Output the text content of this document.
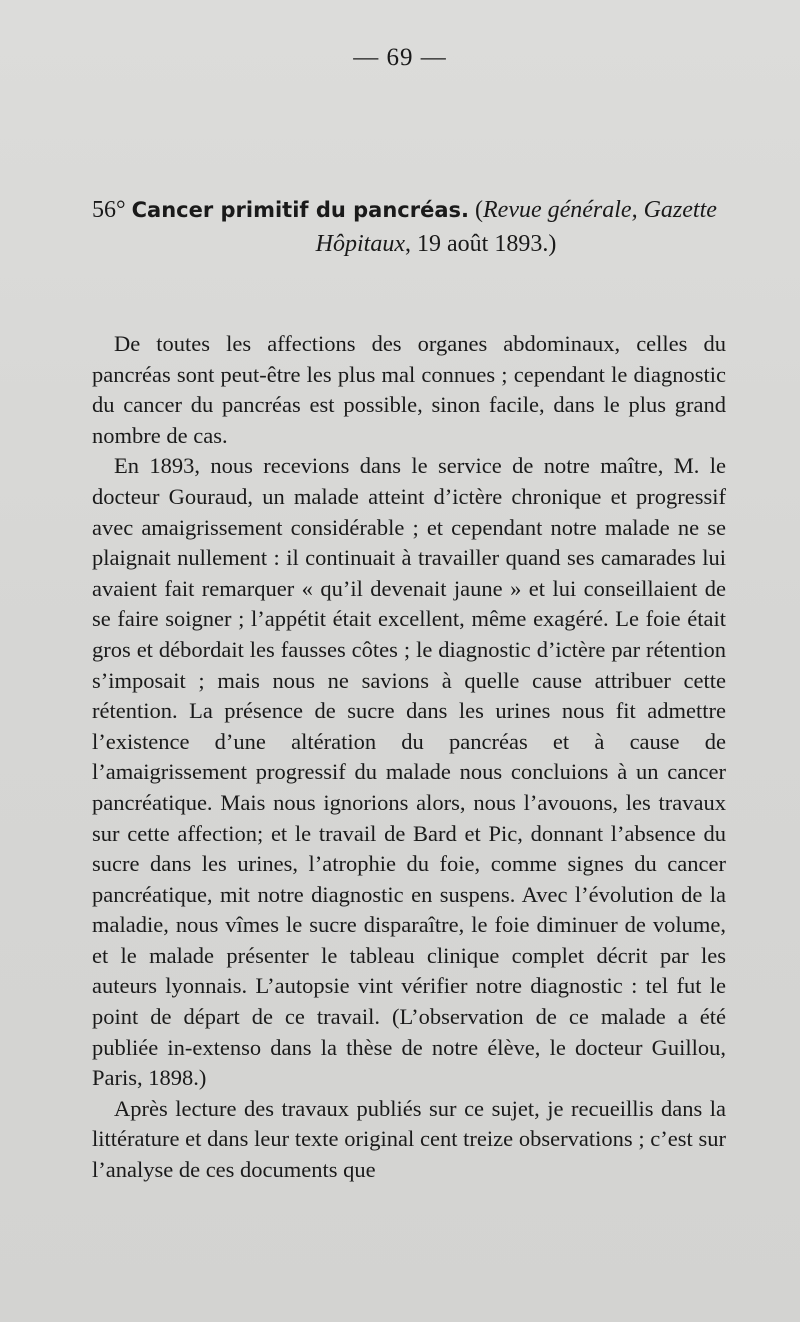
— 69 —
56° Cancer primitif du pancréas. (Revue générale, Gazette
Hôpitaux, 19 août 1893.)

De toutes les affections des organes abdominaux, celles du pancréas sont peut-être les plus mal connues ; cependant le diagnostic du cancer du pancréas est possible, sinon facile, dans le plus grand nombre de cas.

En 1893, nous recevions dans le service de notre maître, M. le docteur Gouraud, un malade atteint d’ictère chronique et progressif avec amaigrissement considérable ; et cependant notre malade ne se plaignait nullement : il continuait à travailler quand ses camarades lui avaient fait remarquer « qu’il devenait jaune » et lui conseillaient de se faire soigner ; l’appétit était excellent, même exagéré. Le foie était gros et débordait les fausses côtes ; le diagnostic d’ictère par rétention s’imposait ; mais nous ne savions à quelle cause attribuer cette rétention. La présence de sucre dans les urines nous fit admettre l’existence d’une altération du pancréas et à cause de l’amaigrissement progressif du malade nous concluions à un cancer pancréatique. Mais nous ignorions alors, nous l’avouons, les travaux sur cette affection; et le travail de Bard et Pic, donnant l’absence du sucre dans les urines, l’atrophie du foie, comme signes du cancer pancréatique, mit notre diagnostic en suspens. Avec l’évolution de la maladie, nous vîmes le sucre disparaître, le foie diminuer de volume, et le malade présenter le tableau clinique complet décrit par les auteurs lyonnais. L’autopsie vint vérifier notre diagnostic : tel fut le point de départ de ce travail. (L’observation de ce malade a été publiée in-extenso dans la thèse de notre élève, le docteur Guillou, Paris, 1898.)

Après lecture des travaux publiés sur ce sujet, je recueillis dans la littérature et dans leur texte original cent treize observations ; c’est sur l’analyse de ces documents que
